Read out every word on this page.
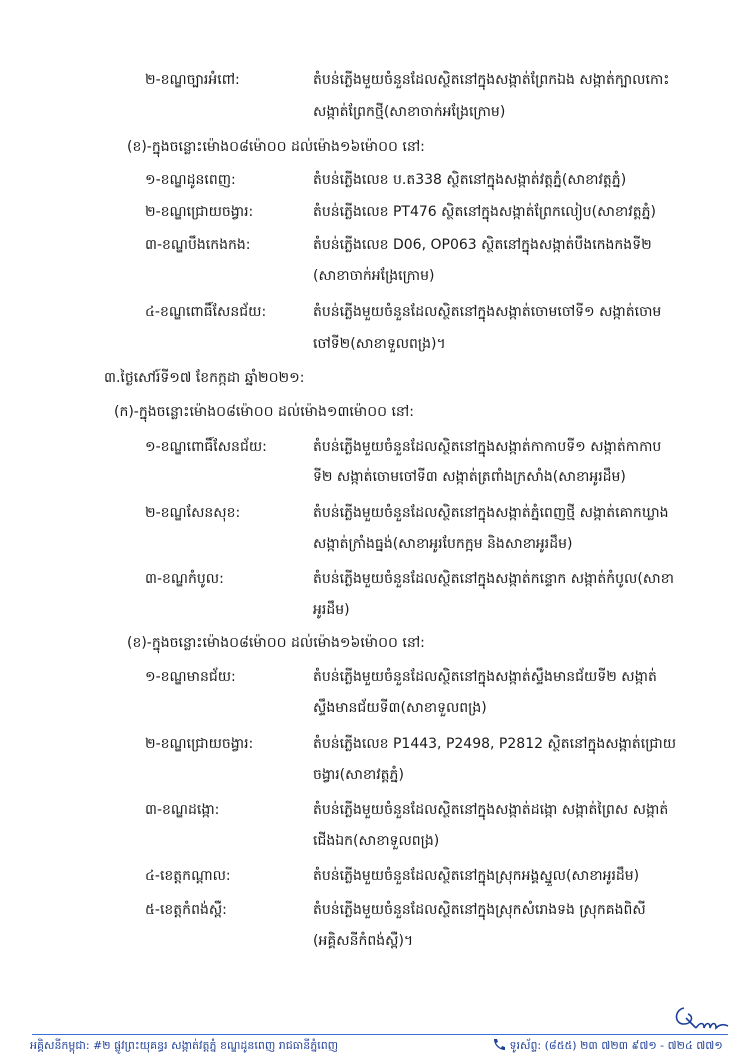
២-ខណ្ឌច្បារអំពៅ:	តំបន់ភ្លើងមួយចំនួនដែលស្ថិតនៅក្នុងសង្កាត់ព្រែកឯង សង្កាត់ក្បាលកោះ
សង្កាត់ព្រែកថ្មី(សាខាចាក់អង្រែក្រោម)
(ខ)-ក្នុងចន្លោះម៉ោង០៨ម៉ោ០០ ដល់ម៉ោង១៦ម៉ោ០០ នៅ:
១-ខណ្ឌដូនពេញ:	តំបន់ភ្លើងលេខ ប.ត338 ស្ថិតនៅក្នុងសង្កាត់វត្តភ្នំ(សាខាវត្តភ្នំ)
២-ខណ្ឌជ្រោយចង្វារ:	តំបន់ភ្លើងលេខ PT476 ស្ថិតនៅក្នុងសង្កាត់ព្រែកលៀប(សាខាវត្តភ្នំ)
៣-ខណ្ឌបឹងកេងកង:	តំបន់ភ្លើងលេខ D06, OP063 ស្ថិតនៅក្នុងសង្កាត់បឹងកេងកងទី២
(សាខាចាក់អង្រែក្រោម)
៤-ខណ្ឌពោធិ៍សែនជ័យ:	តំបន់ភ្លើងមួយចំនួនដែលស្ថិតនៅក្នុងសង្កាត់ចោមចៅទី១ សង្កាត់ចោម
ចៅទី២(សាខាទួលពង្រ)។
៣.ថ្ងៃសៅរ៍ទី១៧ ខែកក្កដា ឆ្នាំ២០២១:
(ក)-ក្នុងចន្លោះម៉ោង០៨ម៉ោ០០ ដល់ម៉ោង១៣ម៉ោ០០ នៅ:
១-ខណ្ឌពោធិ៍សែនជ័យ:	តំបន់ភ្លើងមួយចំនួនដែលស្ថិតនៅក្នុងសង្កាត់កាកាបទី១ សង្កាត់កាកាប
ទី២ សង្កាត់ចោមចៅទី៣ សង្កាត់ត្រពាំងក្រសាំង(សាខាអូរដឹម)
២-ខណ្ឌសែនសុខ:	តំបន់ភ្លើងមួយចំនួនដែលស្ថិតនៅក្នុងសង្កាត់ភ្នំពេញថ្មី សង្កាត់គោកឃ្លាង
សង្កាត់ក្រាំងធ្នង់(សាខាអូរបែកក្អម និងសាខាអូរដឹម)
៣-ខណ្ឌកំបូល:	តំបន់ភ្លើងមួយចំនួនដែលស្ថិតនៅក្នុងសង្កាត់កន្ទោក សង្កាត់កំបូល(សាខា
អូរដឹម)
(ខ)-ក្នុងចន្លោះម៉ោង០៨ម៉ោ០០ ដល់ម៉ោង១៦ម៉ោ០០ នៅ:
១-ខណ្ឌមានជ័យ:	តំបន់ភ្លើងមួយចំនួនដែលស្ថិតនៅក្នុងសង្កាត់ស្ទឹងមានជ័យទី២ សង្កាត់
ស្ទឹងមានជ័យទី៣(សាខាទួលពង្រ)
២-ខណ្ឌជ្រោយចង្វារ:	តំបន់ភ្លើងលេខ P1443, P2498, P2812 ស្ថិតនៅក្នុងសង្កាត់ជ្រោយ
ចង្វារ(សាខាវត្តភ្នំ)
៣-ខណ្ឌដង្កោ:	តំបន់ភ្លើងមួយចំនួនដែលស្ថិតនៅក្នុងសង្កាត់ដង្កោ សង្កាត់ព្រៃស សង្កាត់
ជើងឯក(សាខាទួលពង្រ)
៤-ខេត្តកណ្តាល:	តំបន់ភ្លើងមួយចំនួនដែលស្ថិតនៅក្នុងស្រុកអង្គស្នួល(សាខាអូរដឹម)
៥-ខេត្តកំពង់ស្ពឺ:	តំបន់ភ្លើងមួយចំនួនដែលស្ថិតនៅក្នុងស្រុកសំរោងទង ស្រុកគងពិសី
(អគ្គិសនីកំពង់ស្ពឺ)។
អគ្គិសនីកម្ពុជា: #២ ផ្លូវព្រះយុគន្ធរ សង្កាត់វត្តភ្នំ ខណ្ឌដូនពេញ រាជធានីភ្នំពេញ	ទូរស័ព្ទ: (៨៥៥) ២៣ ៧២៣ ៩៧១ - ៧២៤ ៧៧១
